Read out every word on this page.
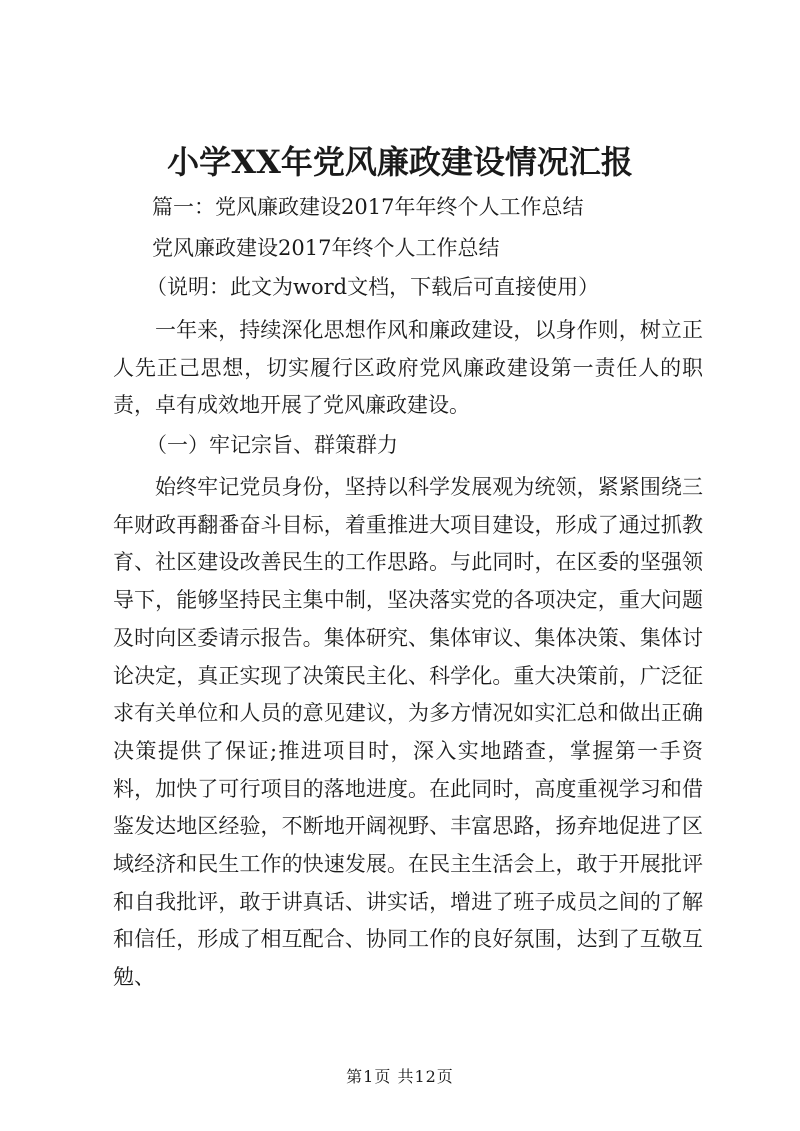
小学XX年党风廉政建设情况汇报
篇一：党风廉政建设2017年年终个人工作总结
党风廉政建设2017年终个人工作总结
（说明：此文为word文档，下载后可直接使用）

一年来，持续深化思想作风和廉政建设，以身作则，树立正人先正己思想，切实履行区政府党风廉政建设第一责任人的职责，卓有成效地开展了党风廉政建设。

（一）牢记宗旨、群策群力

始终牢记党员身份，坚持以科学发展观为统领，紧紧围绕三年财政再翻番奋斗目标，着重推进大项目建设，形成了通过抓教育、社区建设改善民生的工作思路。与此同时，在区委的坚强领导下，能够坚持民主集中制，坚决落实党的各项决定，重大问题及时向区委请示报告。集体研究、集体审议、集体决策、集体讨论决定，真正实现了决策民主化、科学化。重大决策前，广泛征求有关单位和人员的意见建议，为多方情况如实汇总和做出正确决策提供了保证;推进项目时，深入实地踏查，掌握第一手资料，加快了可行项目的落地进度。在此同时，高度重视学习和借鉴发达地区经验，不断地开阔视野、丰富思路，扬弃地促进了区域经济和民生工作的快速发展。在民主生活会上，敢于开展批评和自我批评，敢于讲真话、讲实话，增进了班子成员之间的了解和信任，形成了相互配合、协同工作的良好氛围，达到了互敬互勉、

第1页 共12页
